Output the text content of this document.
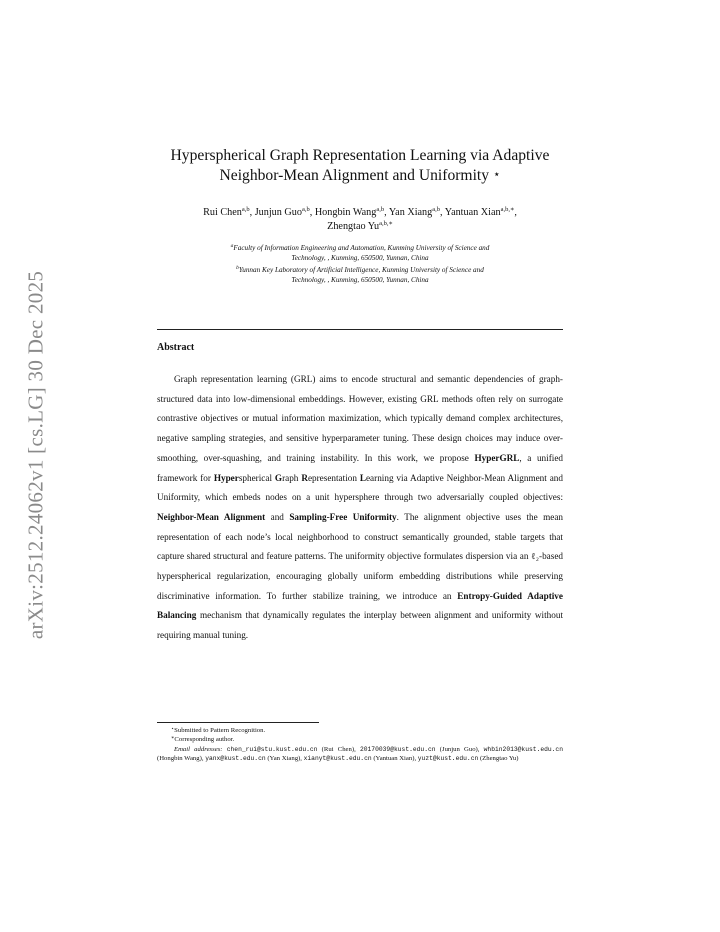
arXiv:2512.24062v1 [cs.LG] 30 Dec 2025
Hyperspherical Graph Representation Learning via Adaptive
Neighbor-Mean Alignment and Uniformity ⋆
Rui Chen$^{a,b}$, Junjun Guo$^{a,b}$, Hongbin Wang$^{a,b}$, Yan Xiang$^{a,b}$, Yantuan Xian$^{a,b,∗}$,
Zhengtao $Yu^{a,b,∗}$
$^a$Faculty of Information Engineering and Automation, Kunming University of Science and
Technology, , Kunming, 650500, Yunnan, China
$^b$Yunnan Key Laboratory of Artificial Intelligence, Kunming University of Science and
Technology, , Kunming, 650500, Yunnan, China
Abstract

Graph representation learning (GRL) aims to encode structural and semantic dependencies of graph-structured data into low-dimensional embeddings. However, existing GRL methods often rely on surrogate contrastive objectives or mutual information maximization, which typically demand complex architectures, negative sampling strategies, and sensitive hyperparameter tuning. These design choices may induce over-smoothing, over-squashing, and training instability. In this work, we propose HyperGRL, a unified framework for Hyperspherical Graph Representation Learning via Adaptive Neighbor-Mean Alignment and Uniformity, which embeds nodes on a unit hypersphere through two adversarially coupled objectives: Neighbor-Mean Alignment and Sampling-Free Uniformity. The alignment objective uses the mean representation of each node’s local neighborhood to construct semantically grounded, stable targets that capture shared structural and feature patterns. The uniformity objective formulates dispersion via an ℓ₂-based hyperspherical regularization, encouraging globally uniform embedding distributions while preserving discriminative information. To further stabilize training, we introduce an Entropy-Guided Adaptive Balancing mechanism that dynamically regulates the interplay between alignment and uniformity without requiring manual tuning.

⋆Submitted to Pattern Recognition.
∗Corresponding author.
Email addresses: chen_rui@stu.kust.edu.cn (Rui Chen), 20170039@kust.edu.cn (Junjun Guo), whbin2013@kust.edu.cn (Hongbin Wang), yanx@kust.edu.cn (Yan Xiang), xianyt@kust.edu.cn (Yantuan Xian), yuzt@kust.edu.cn (Zhengtao Yu)
